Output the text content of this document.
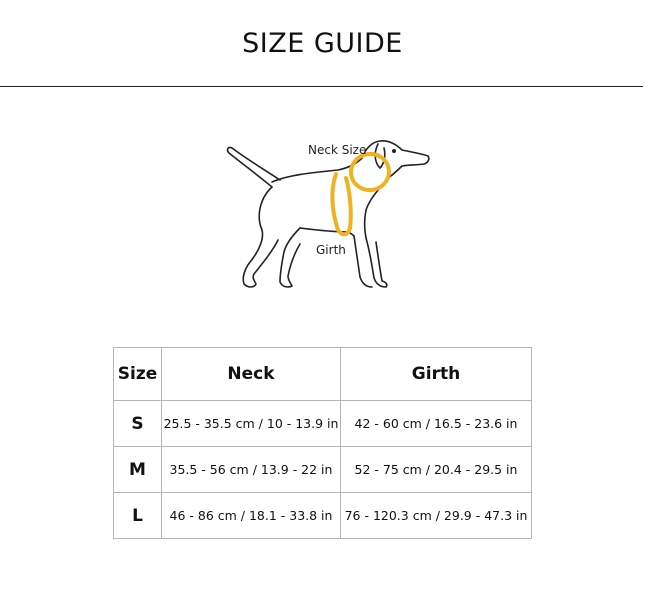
SIZE GUIDE
Neck Size
Girth
Size	Neck	Girth
S	25.5 - 35.5 cm / 10 - 13.9 in	42 - 60 cm / 16.5 - 23.6 in
M	35.5 - 56 cm / 13.9 - 22 in	52 - 75 cm / 20.4 - 29.5 in
L	46 - 86 cm / 18.1 - 33.8 in	76 - 120.3 cm / 29.9 - 47.3 in
